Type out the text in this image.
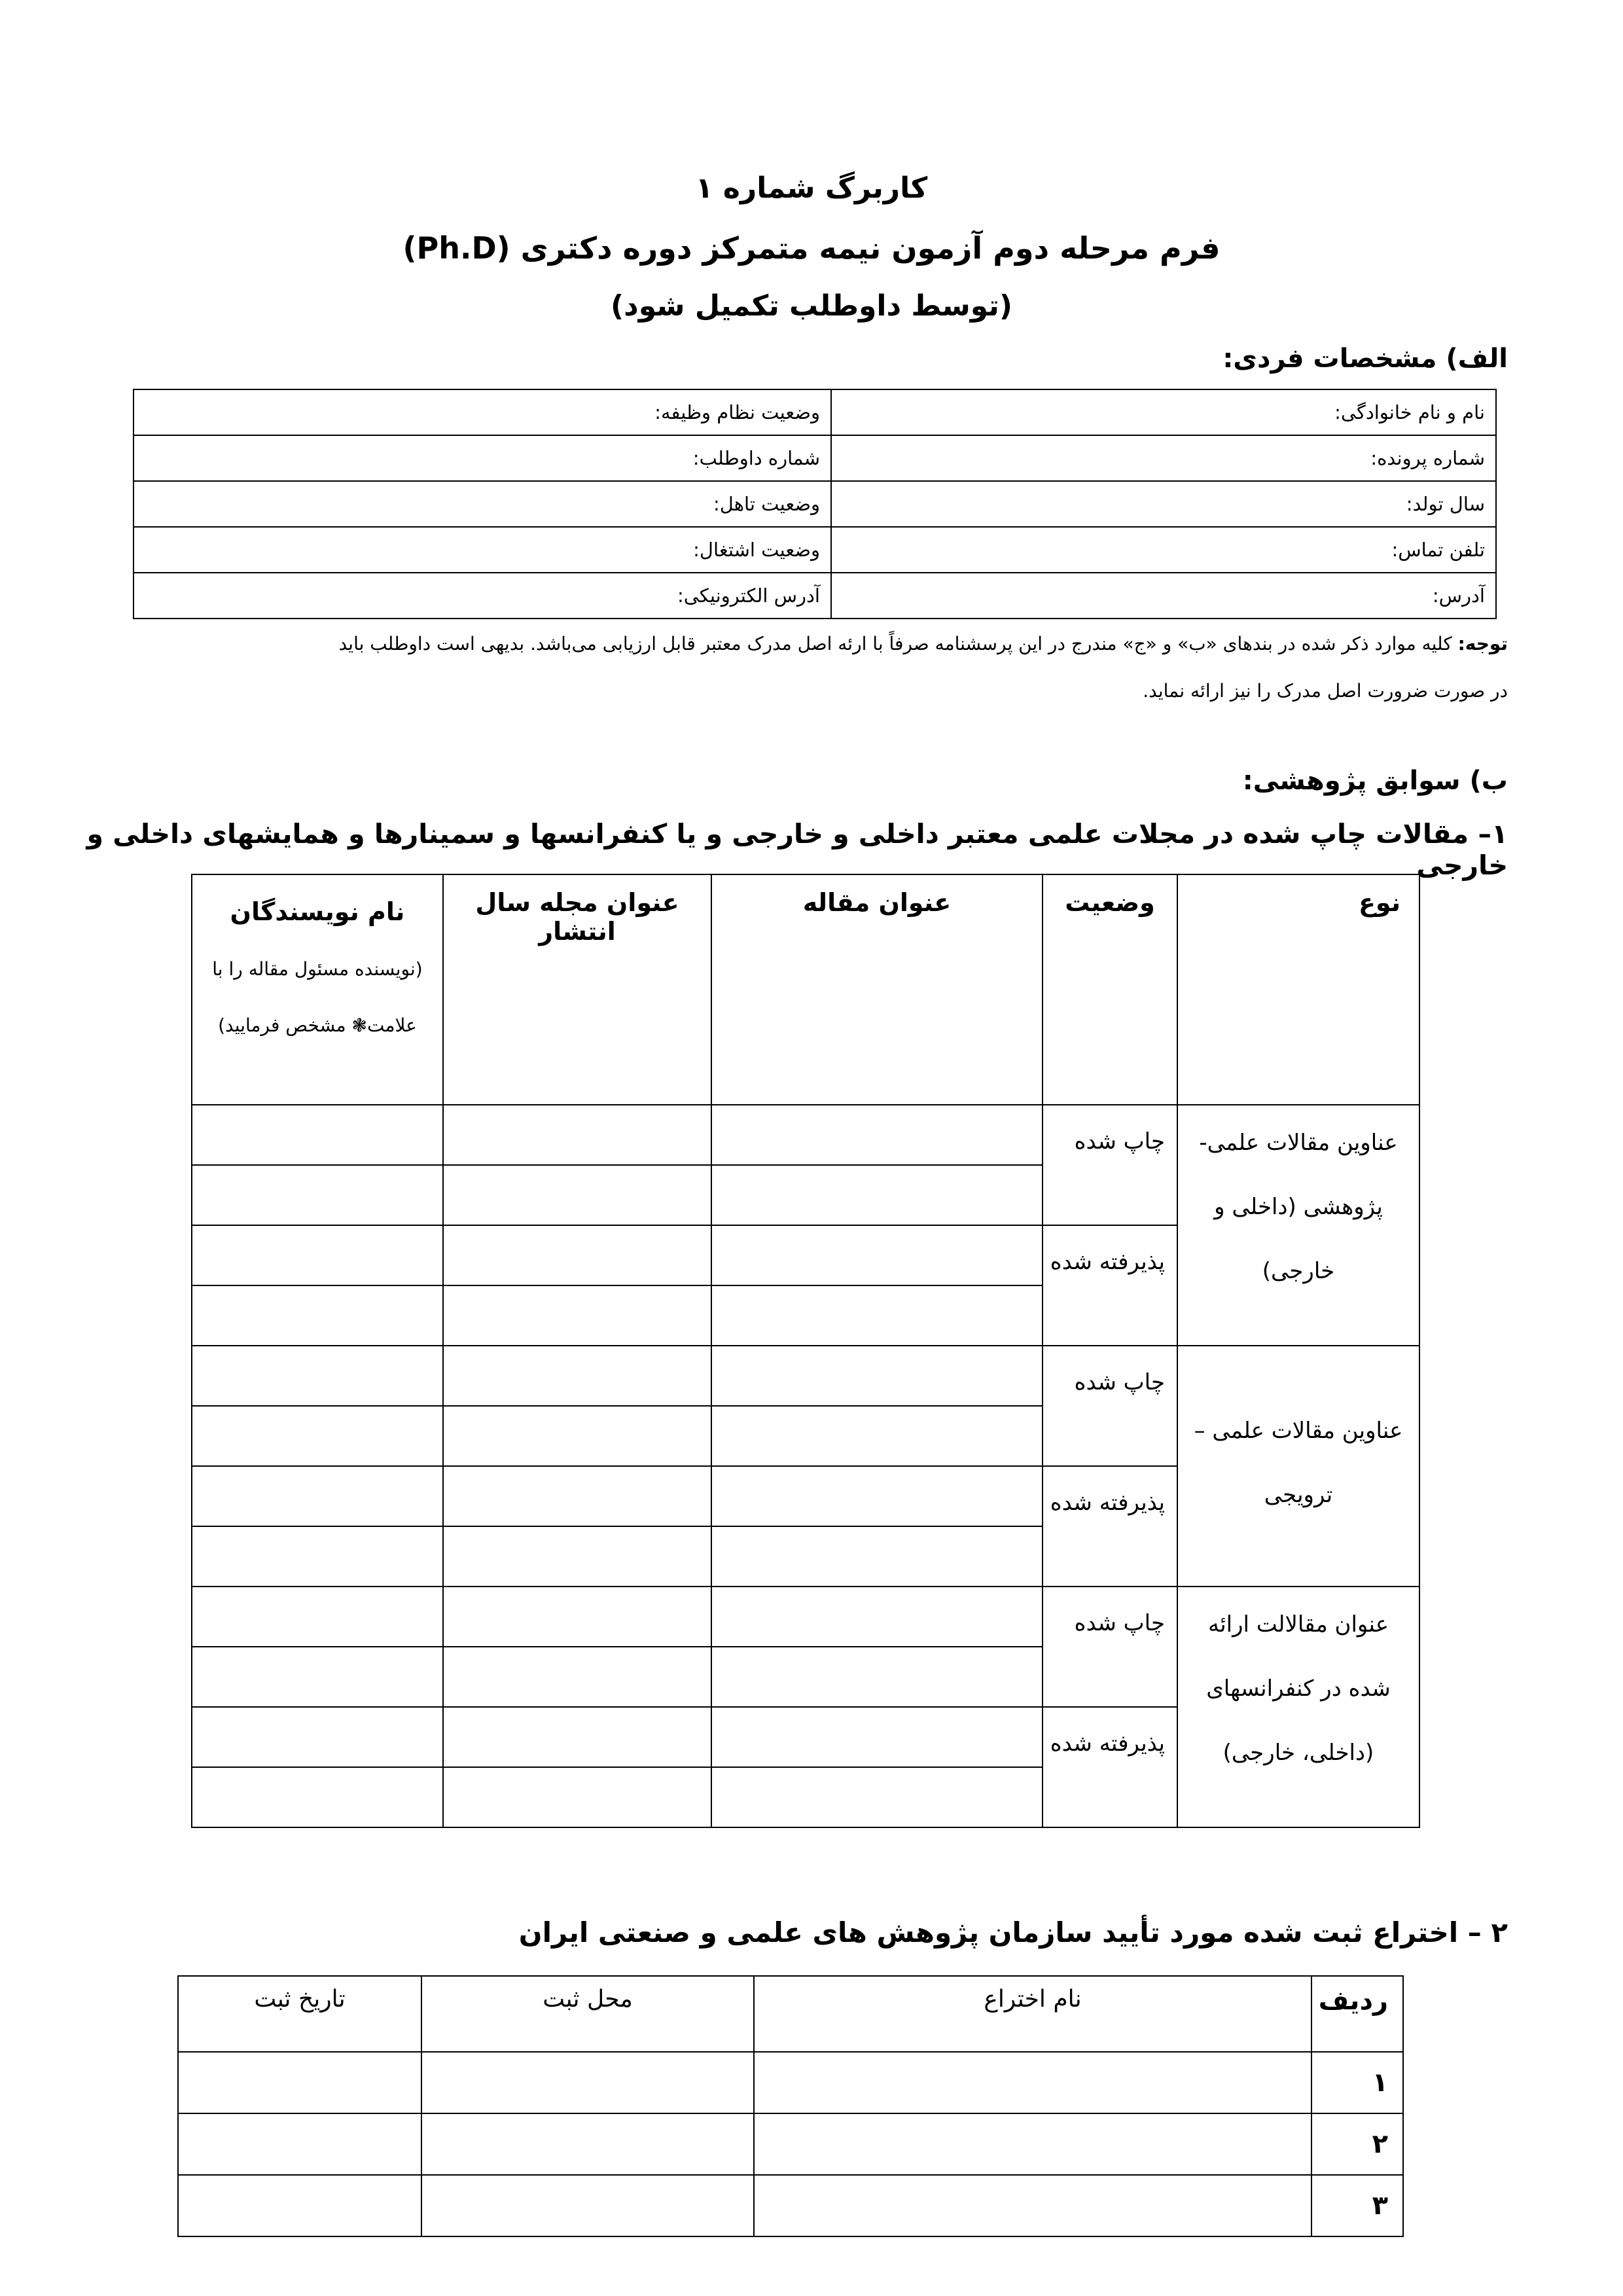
کاربرگ شماره ۱
فرم مرحله دوم آزمون نیمه متمرکز دوره دکتری (Ph.D)
(توسط داوطلب تکمیل شود)
الف) مشخصات فردی:
نام و نام خانوادگی:	وضعیت نظام وظیفه:
شماره پرونده:	شماره داوطلب:
سال تولد:	وضعیت تاهل:
تلفن تماس:	وضعیت اشتغال:
آدرس:	آدرس الکترونیکی:
توجه: کلیه موارد ذکر شده در بندهای «ب» و «ج» مندرج در این پرسشنامه صرفاً با ارئه اصل مدرک معتبر قابل ارزیابی می‌باشد. بدیهی است داوطلب باید
در صورت ضرورت اصل مدرک را نیز ارائه نماید.
ب) سوابق پژوهشی:
۱– مقالات چاپ شده در مجلات علمی معتبر داخلی و خارجی و یا کنفرانسها و سمینارها و همایشهای داخلی و خارجی
نوع	وضعیت	عنوان مقاله	عنوان مجله سال انتشار	نام نویسندگان (نویسنده مسئول مقاله را با علامت❃ مشخص فرمایید)
عناوین مقالات علمی- پژوهشی (داخلی و خارجی)	چاپ شده			

	پذیرفته شده			

عناوین مقالات علمی – ترویجی	چاپ شده			

	پذیرفته شده			

عنوان مقالالت ارائه شده در کنفرانسهای (داخلی، خارجی)	چاپ شده			

	پذیرفته شده			

۲ – اختراع ثبت شده مورد تأیید سازمان پژوهش های علمی و صنعتی ایران
ردیف	نام اختراع	محل ثبت	تاریخ ثبت
۱			
۲			
۳			
